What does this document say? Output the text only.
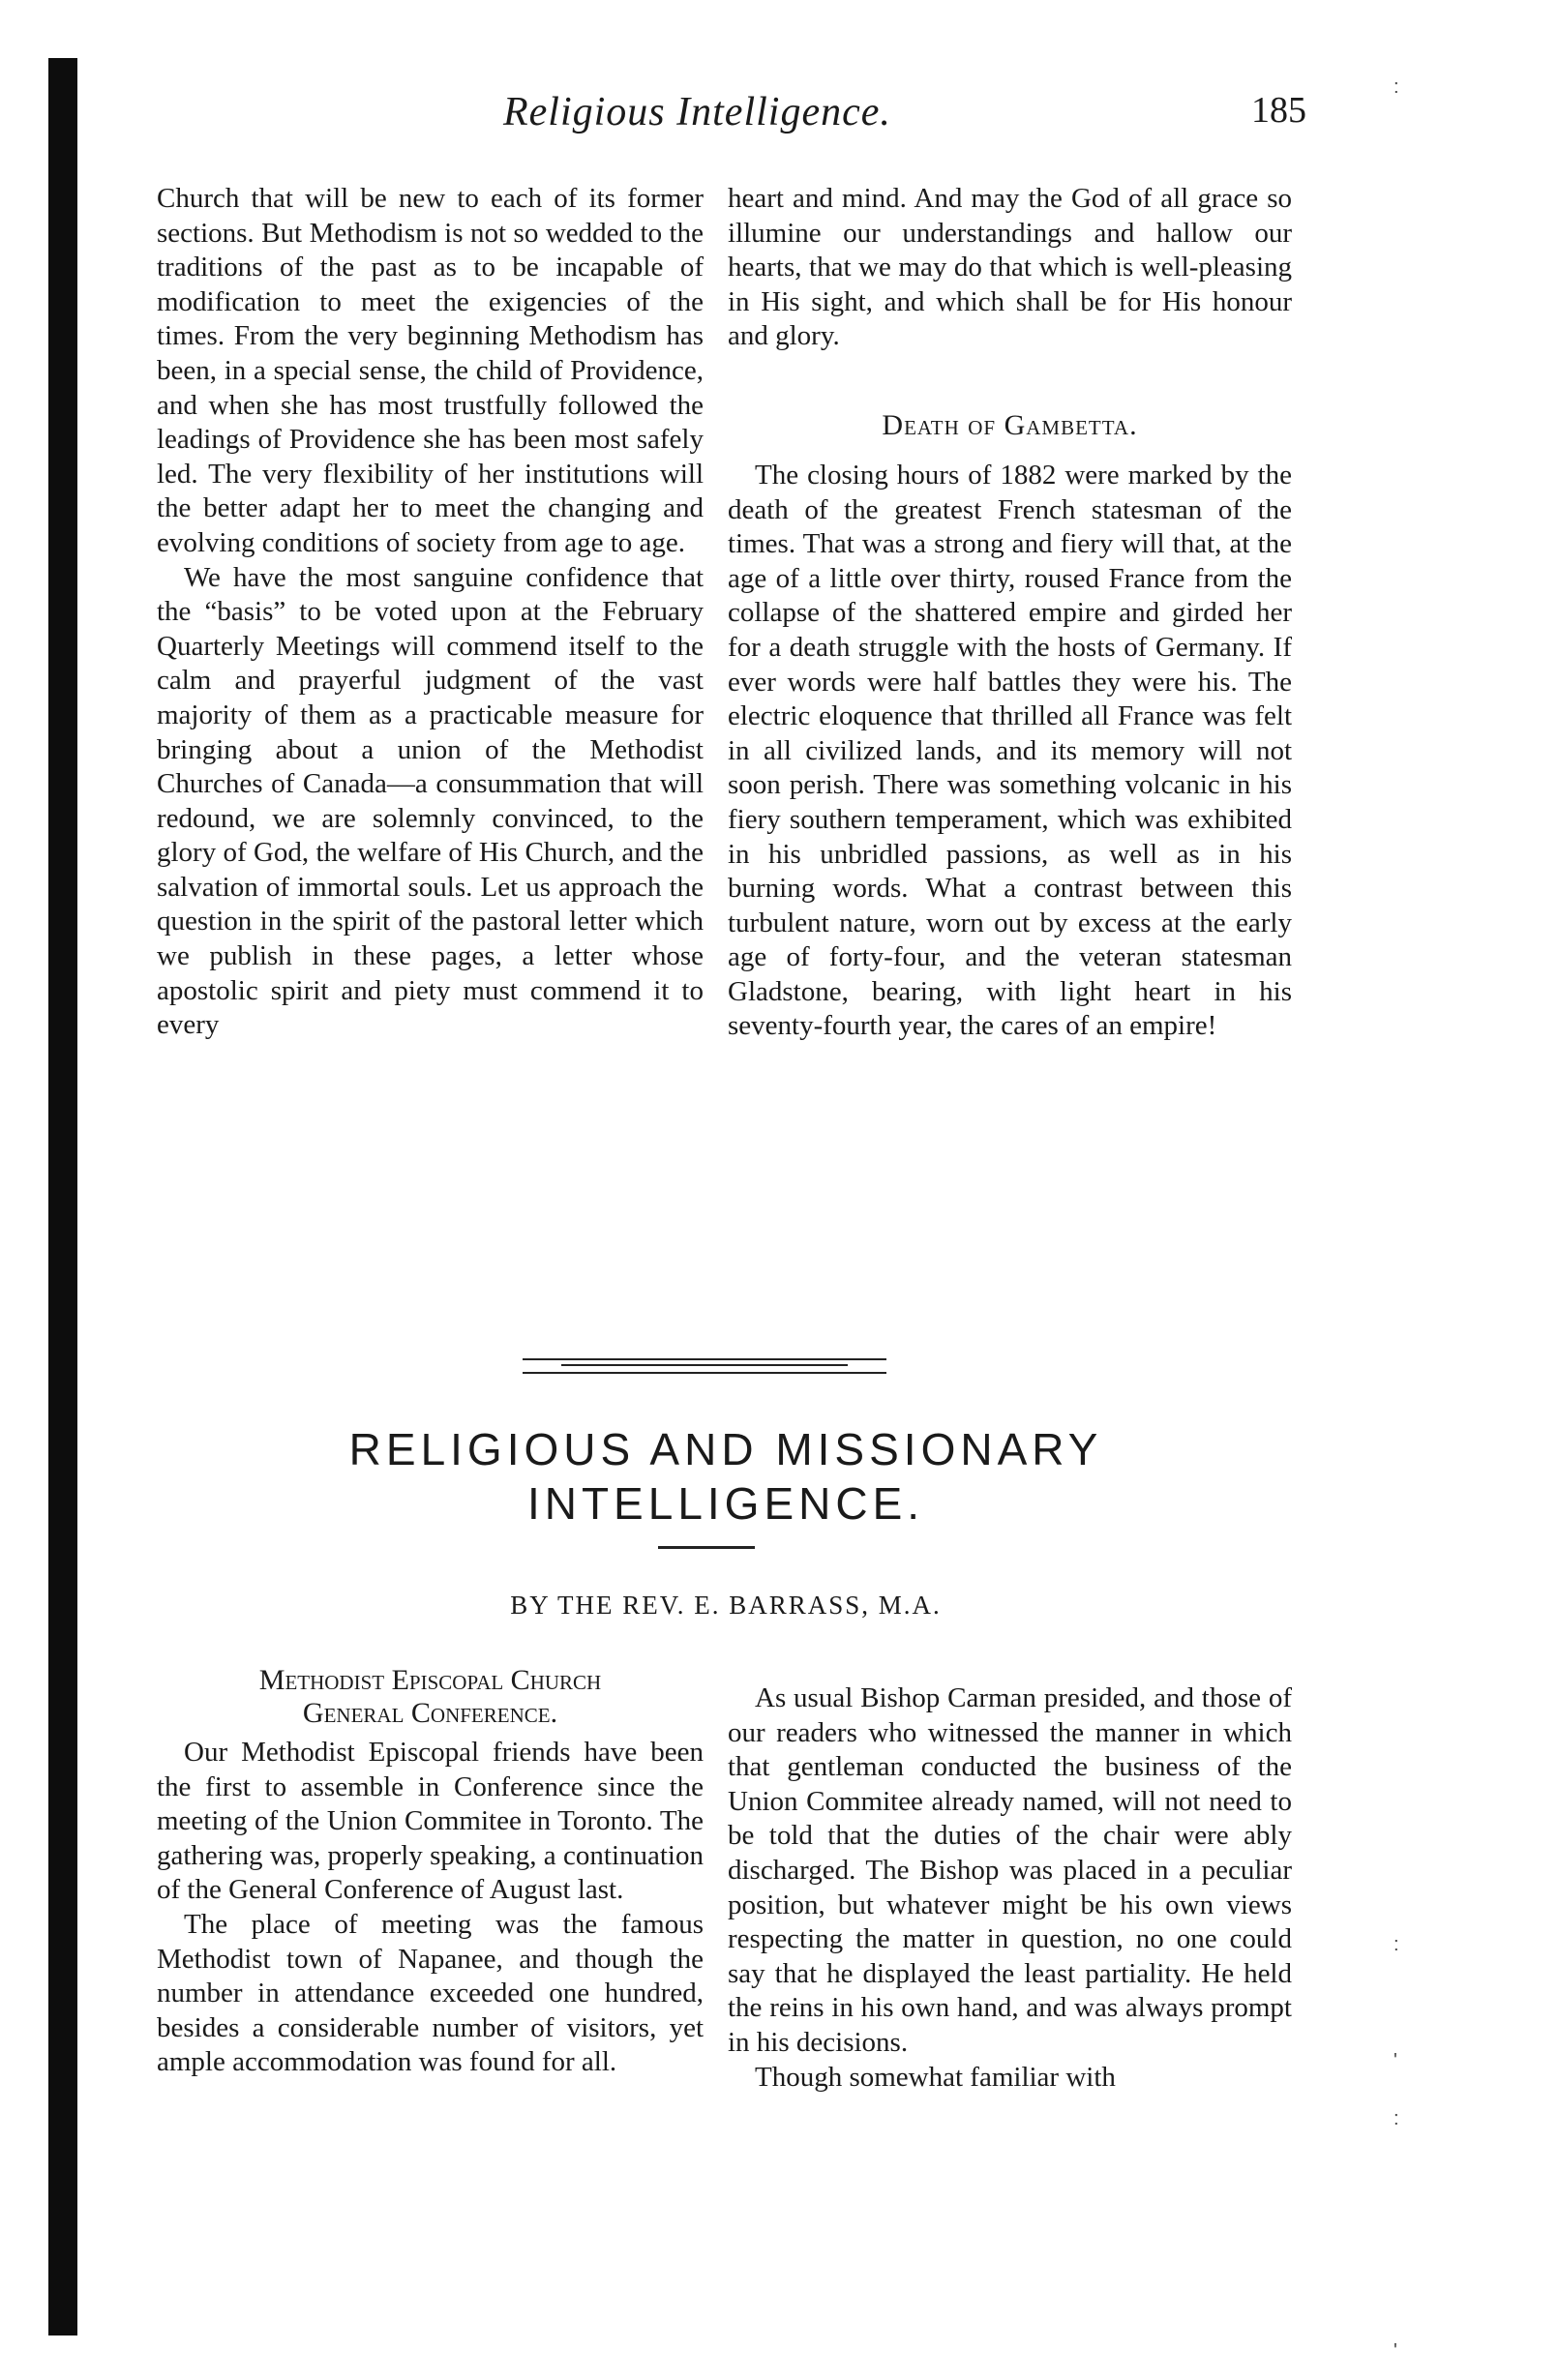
:

:

'
:

'
Religious Intelligence.	185

Church that will be new to each of its former sections. But Methodism is not so wedded to the traditions of the past as to be incapable of modification to meet the exigencies of the times. From the very beginning Methodism has been, in a special sense, the child of Providence, and when she has most trustfully followed the leadings of Providence she has been most safely led. The very flexibility of her institutions will the better adapt her to meet the changing and evolving conditions of society from age to age.

We have the most sanguine confidence that the “basis” to be voted upon at the February Quarterly Meetings will commend itself to the calm and prayerful judgment of the vast majority of them as a practicable measure for bringing about a union of the Methodist Churches of Canada—a consummation that will redound, we are solemnly convinced, to the glory of God, the welfare of His Church, and the salvation of immortal souls. Let us approach the question in the spirit of the pastoral letter which we publish in these pages, a letter whose apostolic spirit and piety must commend it to every

heart and mind. And may the God of all grace so illumine our understandings and hallow our hearts, that we may do that which is well-pleasing in His sight, and which shall be for His honour and glory.

Death of Gambetta.

The closing hours of 1882 were marked by the death of the greatest French statesman of the times. That was a strong and fiery will that, at the age of a little over thirty, roused France from the collapse of the shattered empire and girded her for a death struggle with the hosts of Germany. If ever words were half battles they were his. The electric eloquence that thrilled all France was felt in all civilized lands, and its memory will not soon perish. There was something volcanic in his fiery southern temperament, which was exhibited in his unbridled passions, as well as in his burning words. What a contrast between this turbulent nature, worn out by excess at the early age of forty-four, and the veteran statesman Gladstone, bearing, with light heart in his seventy-fourth year, the cares of an empire!

RELIGIOUS AND MISSIONARY
INTELLIGENCE.
BY THE REV. E. BARRASS, M.A.
Methodist Episcopal Church
General Conference.

Our Methodist Episcopal friends have been the first to assemble in Conference since the meeting of the Union Commitee in Toronto. The gathering was, properly speaking, a continuation of the General Conference of August last.

The place of meeting was the famous Methodist town of Napanee, and though the number in attendance exceeded one hundred, besides a considerable number of visitors, yet ample accommodation was found for all.

As usual Bishop Carman presided, and those of our readers who witnessed the manner in which that gentleman conducted the business of the Union Commitee already named, will not need to be told that the duties of the chair were ably discharged. The Bishop was placed in a peculiar position, but whatever might be his own views respecting the matter in question, no one could say that he displayed the least partiality. He held the reins in his own hand, and was always prompt in his decisions.

Though somewhat familiar with
